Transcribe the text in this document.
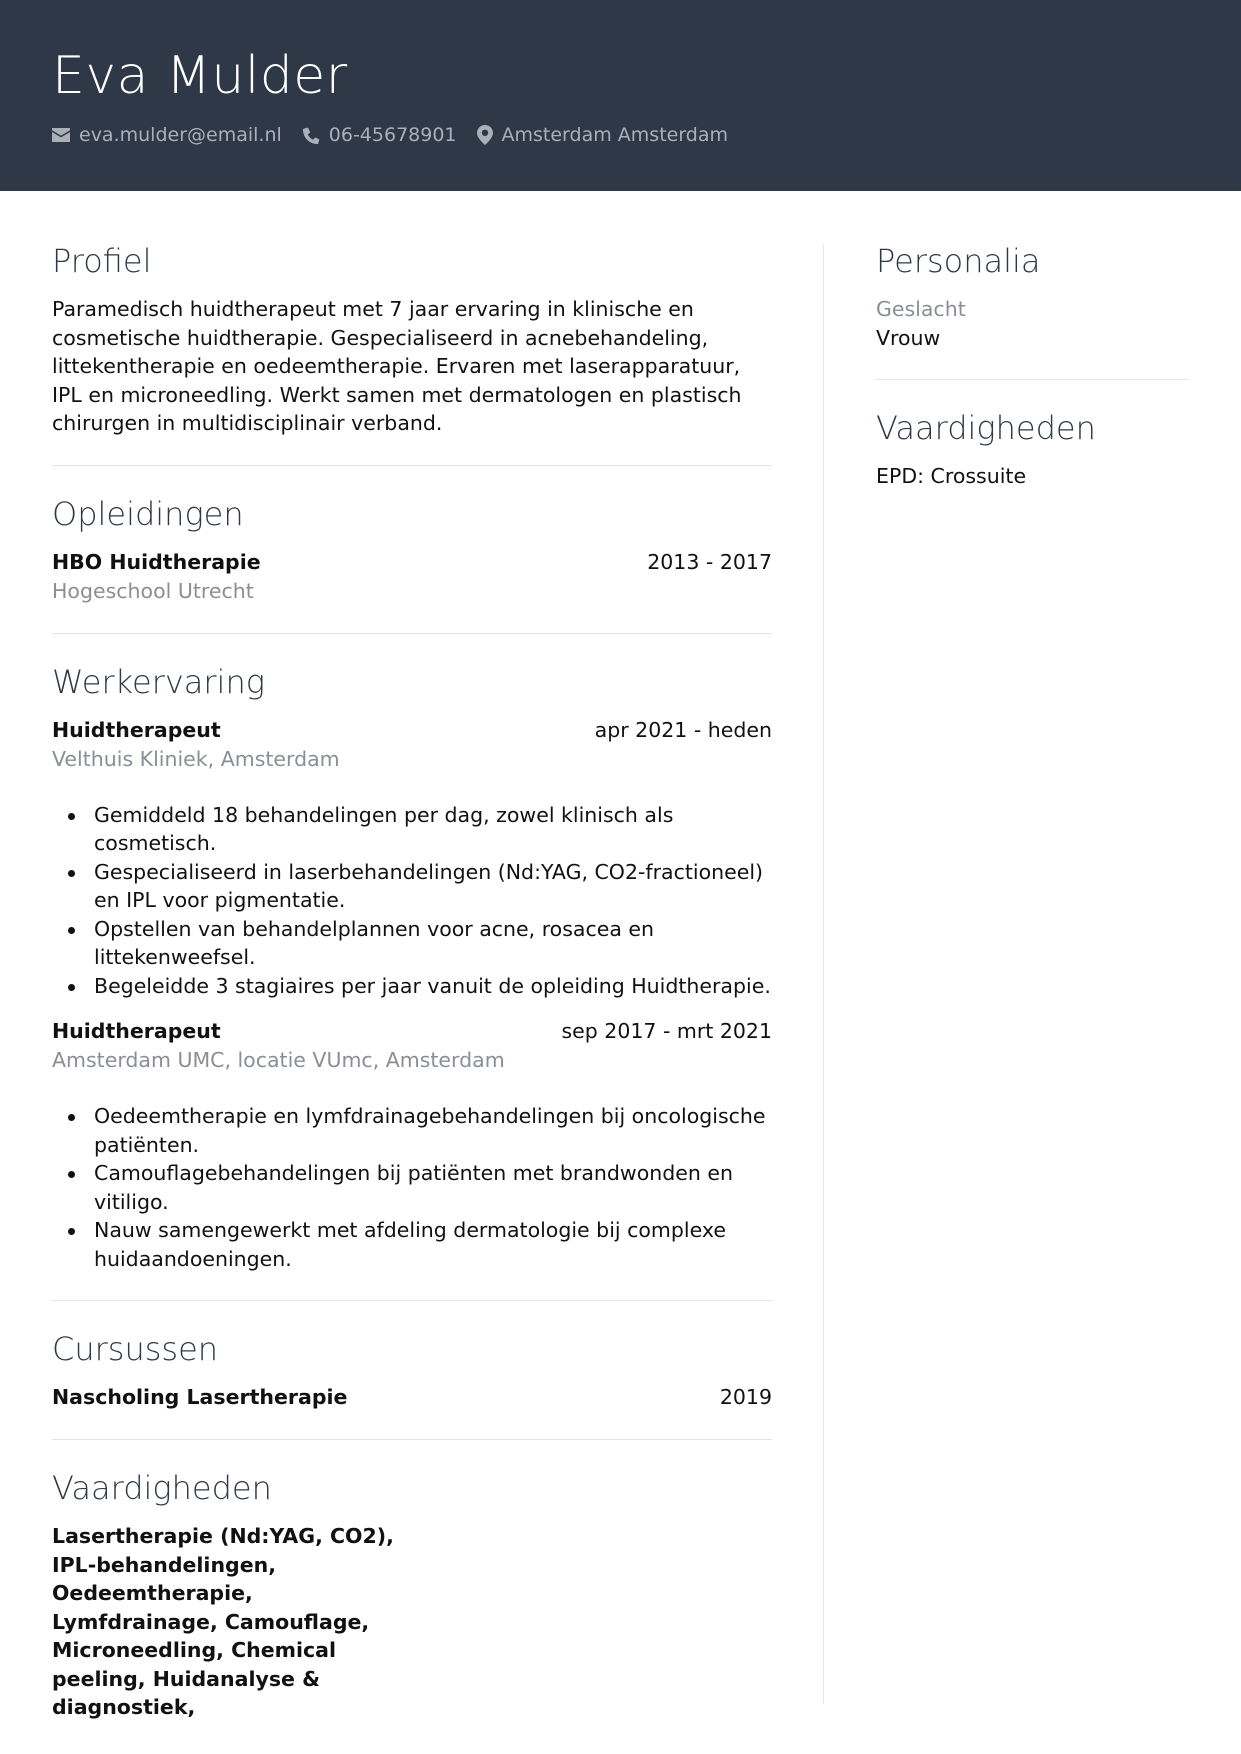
Eva Mulder
eva.mulder@email.nl 06-45678901 Amsterdam Amsterdam
Profiel
Paramedisch huidtherapeut met 7 jaar ervaring in klinische en cosmetische huidtherapie. Gespecialiseerd in acnebehandeling, littekentherapie en oedeemtherapie. Ervaren met laserapparatuur, IPL en microneedling. Werkt samen met dermatologen en plastisch chirurgen in multidisciplinair verband.
Opleidingen
HBO Huidtherapie	2013 - 2017
Hogeschool Utrecht
Werkervaring
Huidtherapeut	apr 2021 - heden
Velthuis Kliniek, Amsterdam
Gemiddeld 18 behandelingen per dag, zowel klinisch als cosmetisch.
Gespecialiseerd in laserbehandelingen (Nd:YAG, CO2-fractioneel) en IPL voor pigmentatie.
Opstellen van behandelplannen voor acne, rosacea en littekenweefsel.
Begeleidde 3 stagiaires per jaar vanuit de opleiding Huidtherapie.
Huidtherapeut	sep 2017 - mrt 2021
Amsterdam UMC, locatie VUmc, Amsterdam
Oedeemtherapie en lymfdrainagebehandelingen bij oncologische patiënten.
Camouflagebehandelingen bij patiënten met brandwonden en vitiligo.
Nauw samengewerkt met afdeling dermatologie bij complexe huidaandoeningen.
Cursussen
Nascholing Lasertherapie	2019
Vaardigheden
Lasertherapie (Nd:YAG, CO2), IPL-behandelingen, Oedeemtherapie, Lymfdrainage, Camouflage, Microneedling, Chemical peeling, Huidanalyse & diagnostiek,
Personalia
Geslacht
Vrouw
Vaardigheden
EPD: Crossuite
